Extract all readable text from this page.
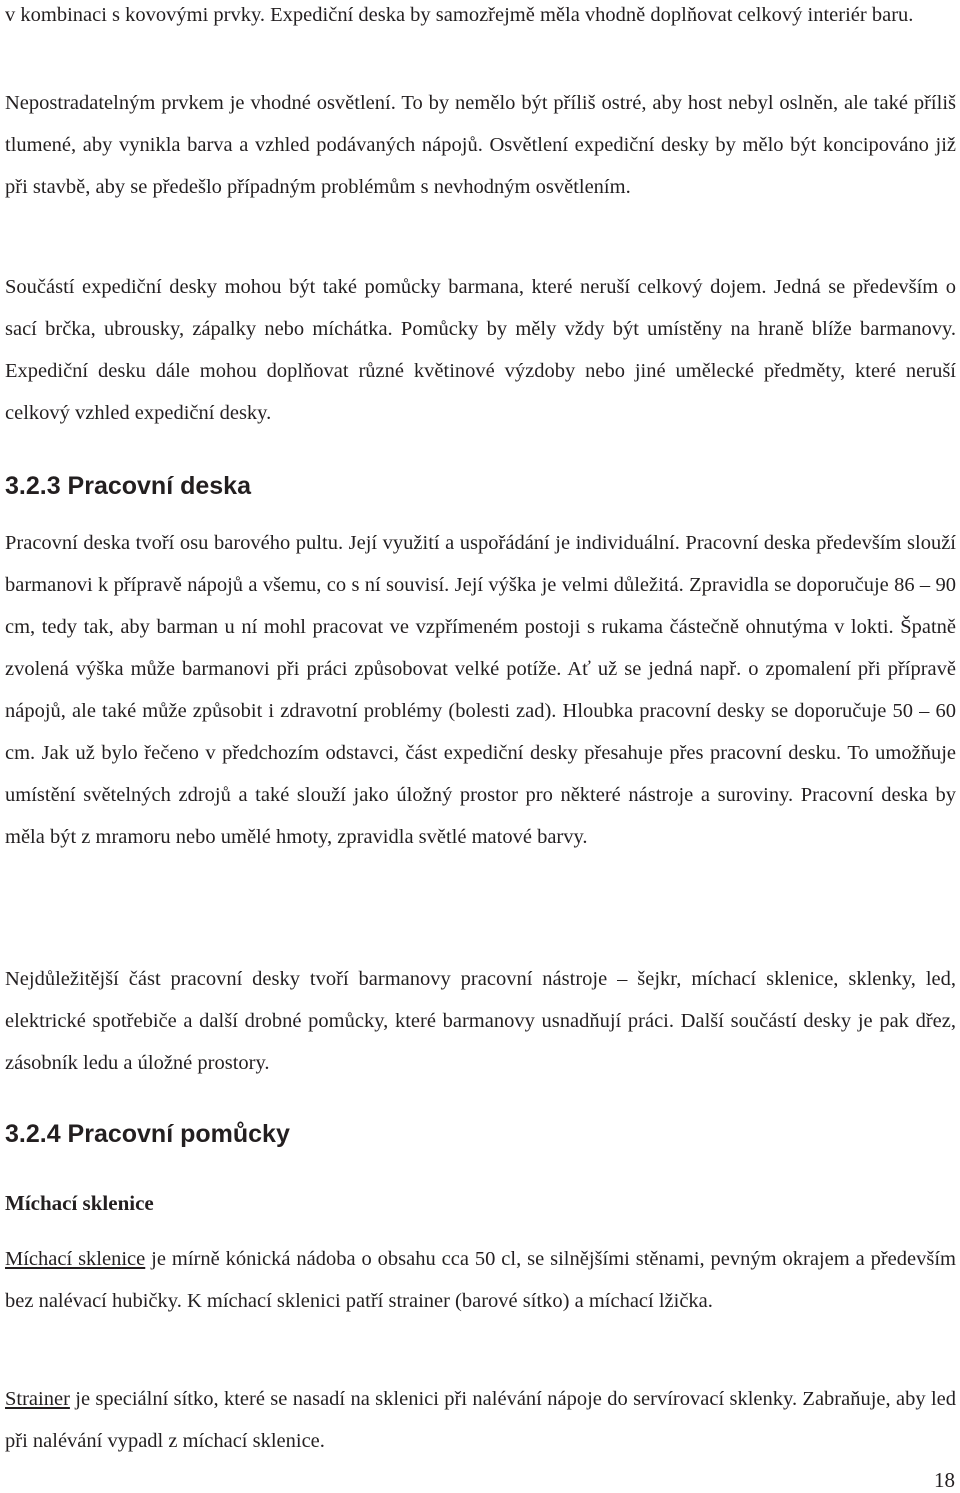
v kombinaci s kovovými prvky. Expediční deska by samozřejmě měla vhodně doplňovat celkový interiér baru.

Nepostradatelným prvkem je vhodné osvětlení. To by nemělo být příliš ostré, aby host nebyl oslněn, ale také příliš tlumené, aby vynikla barva a vzhled podávaných nápojů. Osvětlení expediční desky by mělo být koncipováno již při stavbě, aby se předešlo případným problémům s nevhodným osvětlením.

Součástí expediční desky mohou být také pomůcky barmana, které neruší celkový dojem. Jedná se především o sací brčka, ubrousky, zápalky nebo míchátka. Pomůcky by měly vždy být umístěny na hraně blíže barmanovy. Expediční desku dále mohou doplňovat různé květinové výzdoby nebo jiné umělecké předměty, které neruší celkový vzhled expediční desky.

3.2.3 Pracovní deska

Pracovní deska tvoří osu barového pultu. Její využití a uspořádání je individuální. Pracovní deska především slouží barmanovi k přípravě nápojů a všemu, co s ní souvisí. Její výška je velmi důležitá. Zpravidla se doporučuje 86 – 90 cm, tedy tak, aby barman u ní mohl pracovat ve vzpřímeném postoji s rukama částečně ohnutýma v lokti. Špatně zvolená výška může barmanovi při práci způsobovat velké potíže. Ať už se jedná např. o zpomalení při přípravě nápojů, ale také může způsobit i zdravotní problémy (bolesti zad). Hloubka pracovní desky se doporučuje 50 – 60 cm. Jak už bylo řečeno v předchozím odstavci, část expediční desky přesahuje přes pracovní desku. To umožňuje umístění světelných zdrojů a také slouží jako úložný prostor pro některé nástroje a suroviny. Pracovní deska by měla být z mramoru nebo umělé hmoty, zpravidla světlé matové barvy.

Nejdůležitější část pracovní desky tvoří barmanovy pracovní nástroje – šejkr, míchací sklenice, sklenky, led, elektrické spotřebiče a další drobné pomůcky, které barmanovy usnadňují práci. Další součástí desky je pak dřez, zásobník ledu a úložné prostory.

3.2.4 Pracovní pomůcky
Míchací sklenice

Míchací sklenice je mírně kónická nádoba o obsahu cca 50 cl, se silnějšími stěnami, pevným okrajem a především bez nalévací hubičky. K míchací sklenici patří strainer (barové sítko) a míchací lžička.

Strainer je speciální sítko, které se nasadí na sklenici při nalévání nápoje do servírovací sklenky. Zabraňuje, aby led při nalévání vypadl z míchací sklenice.

18
